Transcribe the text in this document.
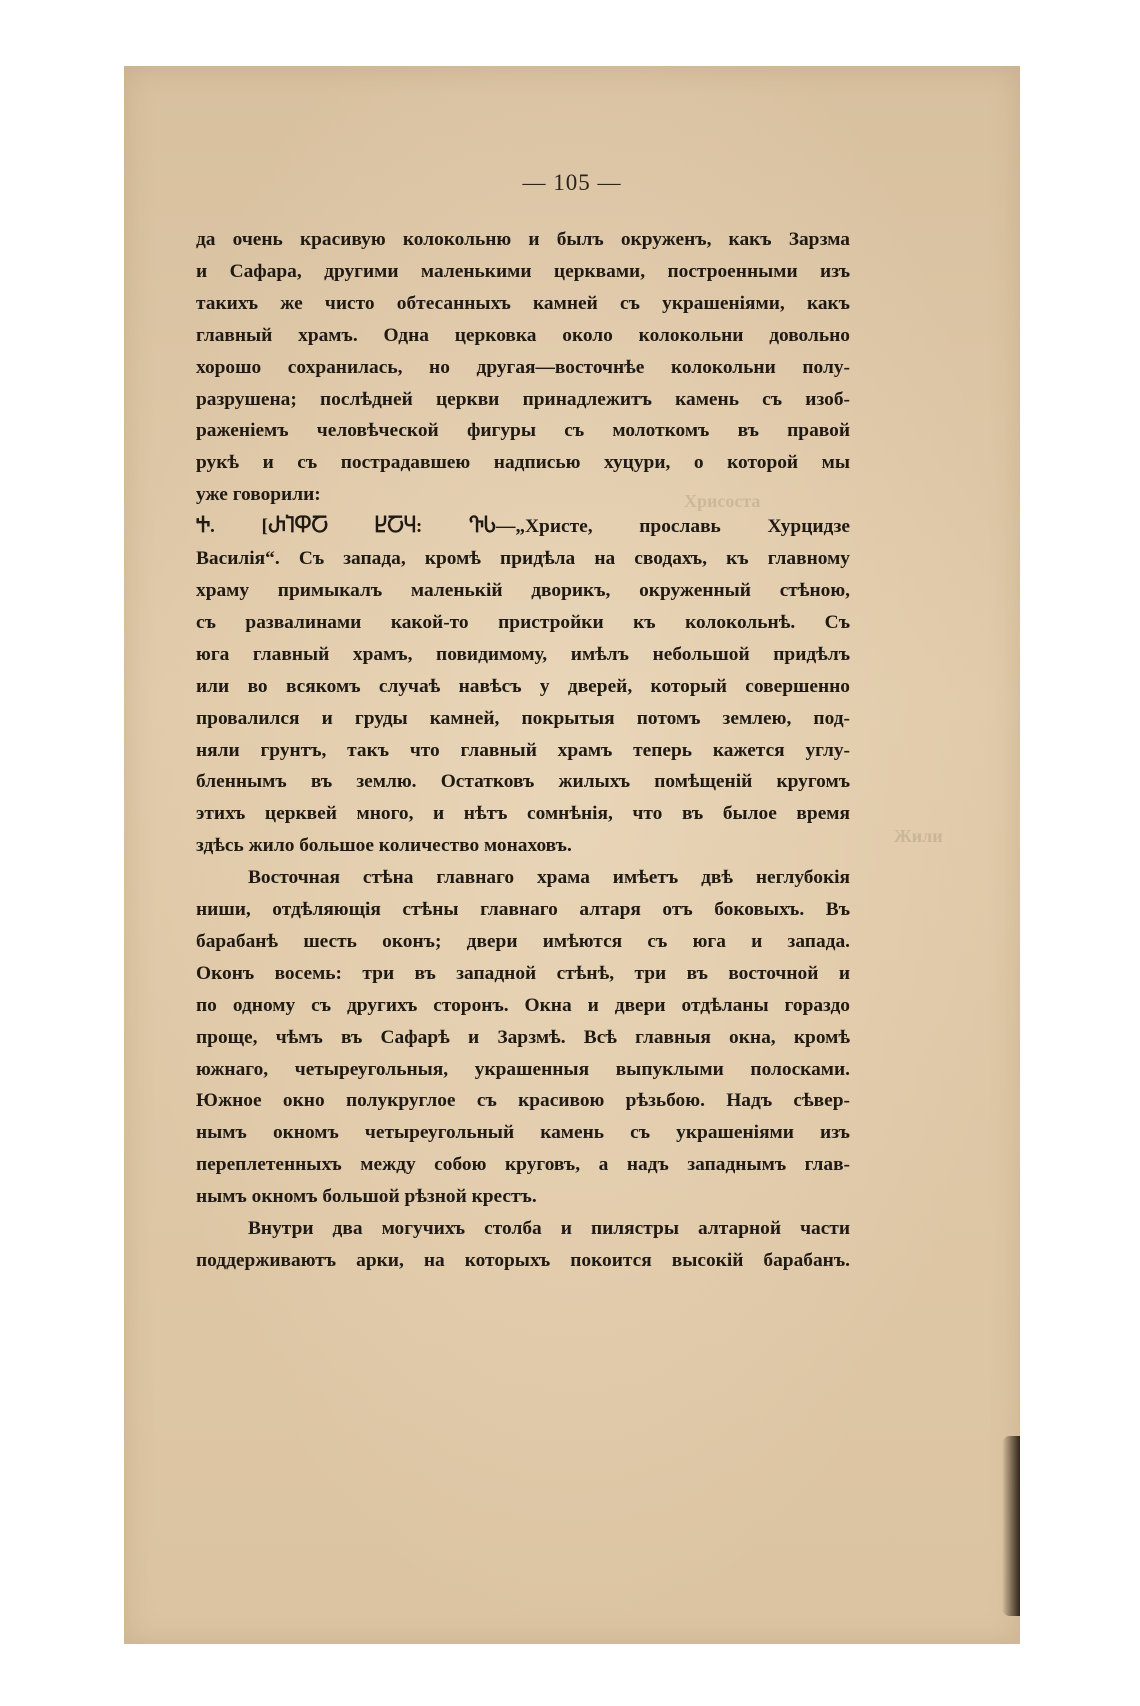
Хрисоста
Жили
— 105 —

да очень красивую колокольню и былъ окруженъ, какъ Зарзма
и Сафара, другими маленькими церквами, построенными изъ
такихъ же чисто обтесанныхъ камней съ украшеніями, какъ
главный храмъ. Одна церковка около колокольни довольно
хорошо сохранилась, но другая—восточнѣе колокольни полу-
разрушена; послѣдней церкви принадлежитъ камень съ изоб-
раженіемъ человѣческой фигуры съ молоткомъ въ правой
рукѣ и съ пострадавшею надписью хуцури, о которой мы
уже говорили:
Ⴕ. [ႰႨႴႠ ႾႠႷ: ႥႱ—„Христе, прославь Хурцидзе
Василія“. Съ запада, кромѣ придѣла на сводахъ, къ главному
храму примыкалъ маленькій дворикъ, окруженный стѣною,
съ развалинами какой-то пристройки къ колокольнѣ. Съ
юга главный храмъ, повидимому, имѣлъ небольшой придѣлъ
или во всякомъ случаѣ навѣсъ у дверей, который совершенно
провалился и груды камней, покрытыя потомъ землею, под-
няли грунтъ, такъ что главный храмъ теперь кажется углу-
бленнымъ въ землю. Остатковъ жилыхъ помѣщеній кругомъ
этихъ церквей много, и нѣтъ сомнѣнія, что въ былое время
здѣсь жило большое количество монаховъ.

Восточная стѣна главнаго храма имѣетъ двѣ неглубокія
ниши, отдѣляющія стѣны главнаго алтаря отъ боковыхъ. Въ
барабанѣ шесть оконъ; двери имѣются съ юга и запада.
Оконъ восемь: три въ западной стѣнѣ, три въ восточной и
по одному съ другихъ сторонъ. Окна и двери отдѣланы гораздо
проще, чѣмъ въ Сафарѣ и Зарзмѣ. Всѣ главныя окна, кромѣ
южнаго, четыреугольныя, украшенныя выпуклыми полосками.
Южное окно полукруглое съ красивою рѣзьбою. Надъ сѣвер-
нымъ окномъ четыреугольный камень съ украшеніями изъ
переплетенныхъ между собою круговъ, а надъ западнымъ глав-
нымъ окномъ большой рѣзной крестъ.

Внутри два могучихъ столба и пилястры алтарной части
поддерживаютъ арки, на которыхъ покоится высокій барабанъ.
